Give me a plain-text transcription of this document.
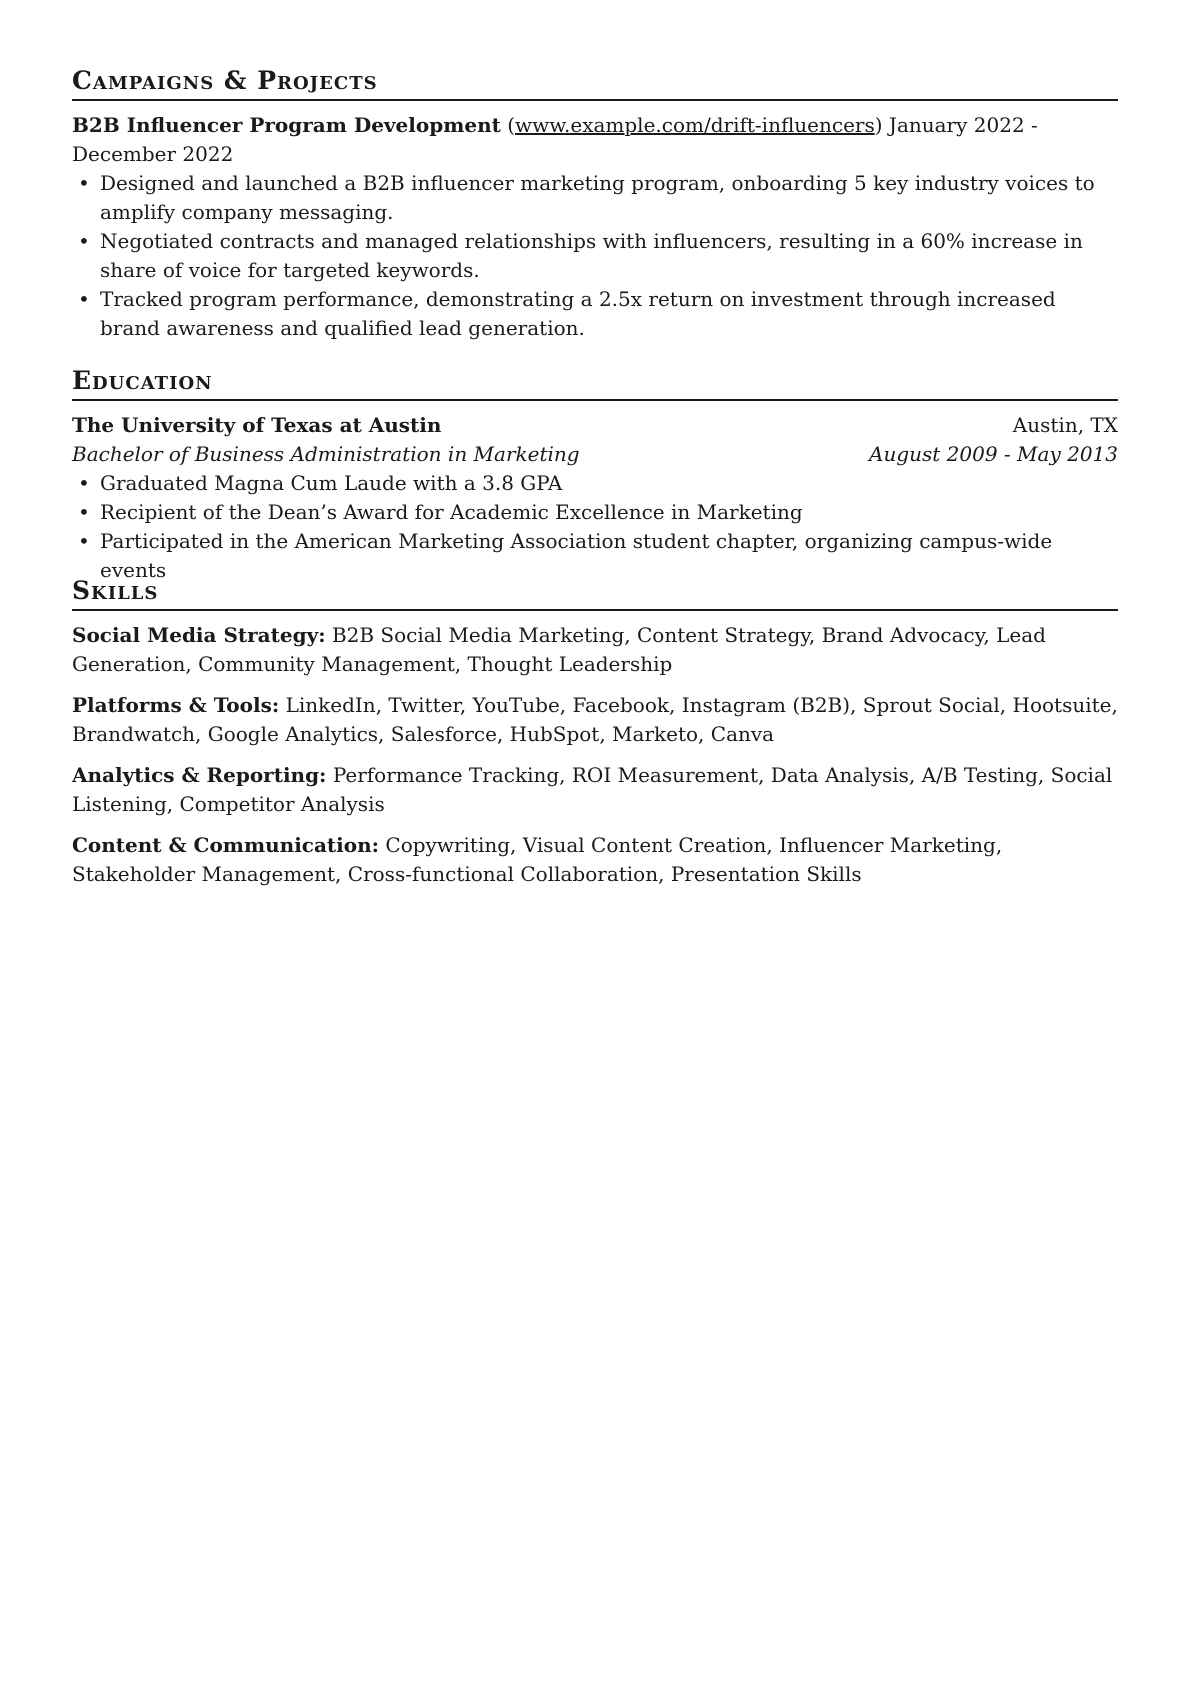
Campaigns & Projects
B2B Influencer Program Development (www.example.com/drift-influencers) January 2022 - December 2022
• Designed and launched a B2B influencer marketing program, onboarding 5 key industry voices to amplify company messaging.
• Negotiated contracts and managed relationships with influencers, resulting in a 60% increase in share of voice for targeted keywords.
• Tracked program performance, demonstrating a 2.5x return on investment through increased brand awareness and qualified lead generation.
Education
The University of Texas at Austin	Austin, TX
Bachelor of Business Administration in Marketing	August 2009 - May 2013
• Graduated Magna Cum Laude with a 3.8 GPA
• Recipient of the Dean’s Award for Academic Excellence in Marketing
• Participated in the American Marketing Association student chapter, organizing campus-wide events
Skills
Social Media Strategy: B2B Social Media Marketing, Content Strategy, Brand Advocacy, Lead Generation, Community Management, Thought Leadership
Platforms & Tools: LinkedIn, Twitter, YouTube, Facebook, Instagram (B2B), Sprout Social, Hootsuite, Brandwatch, Google Analytics, Salesforce, HubSpot, Marketo, Canva
Analytics & Reporting: Performance Tracking, ROI Measurement, Data Analysis, A/B Testing, Social Listening, Competitor Analysis
Content & Communication: Copywriting, Visual Content Creation, Influencer Marketing, Stakeholder Management, Cross-functional Collaboration, Presentation Skills
